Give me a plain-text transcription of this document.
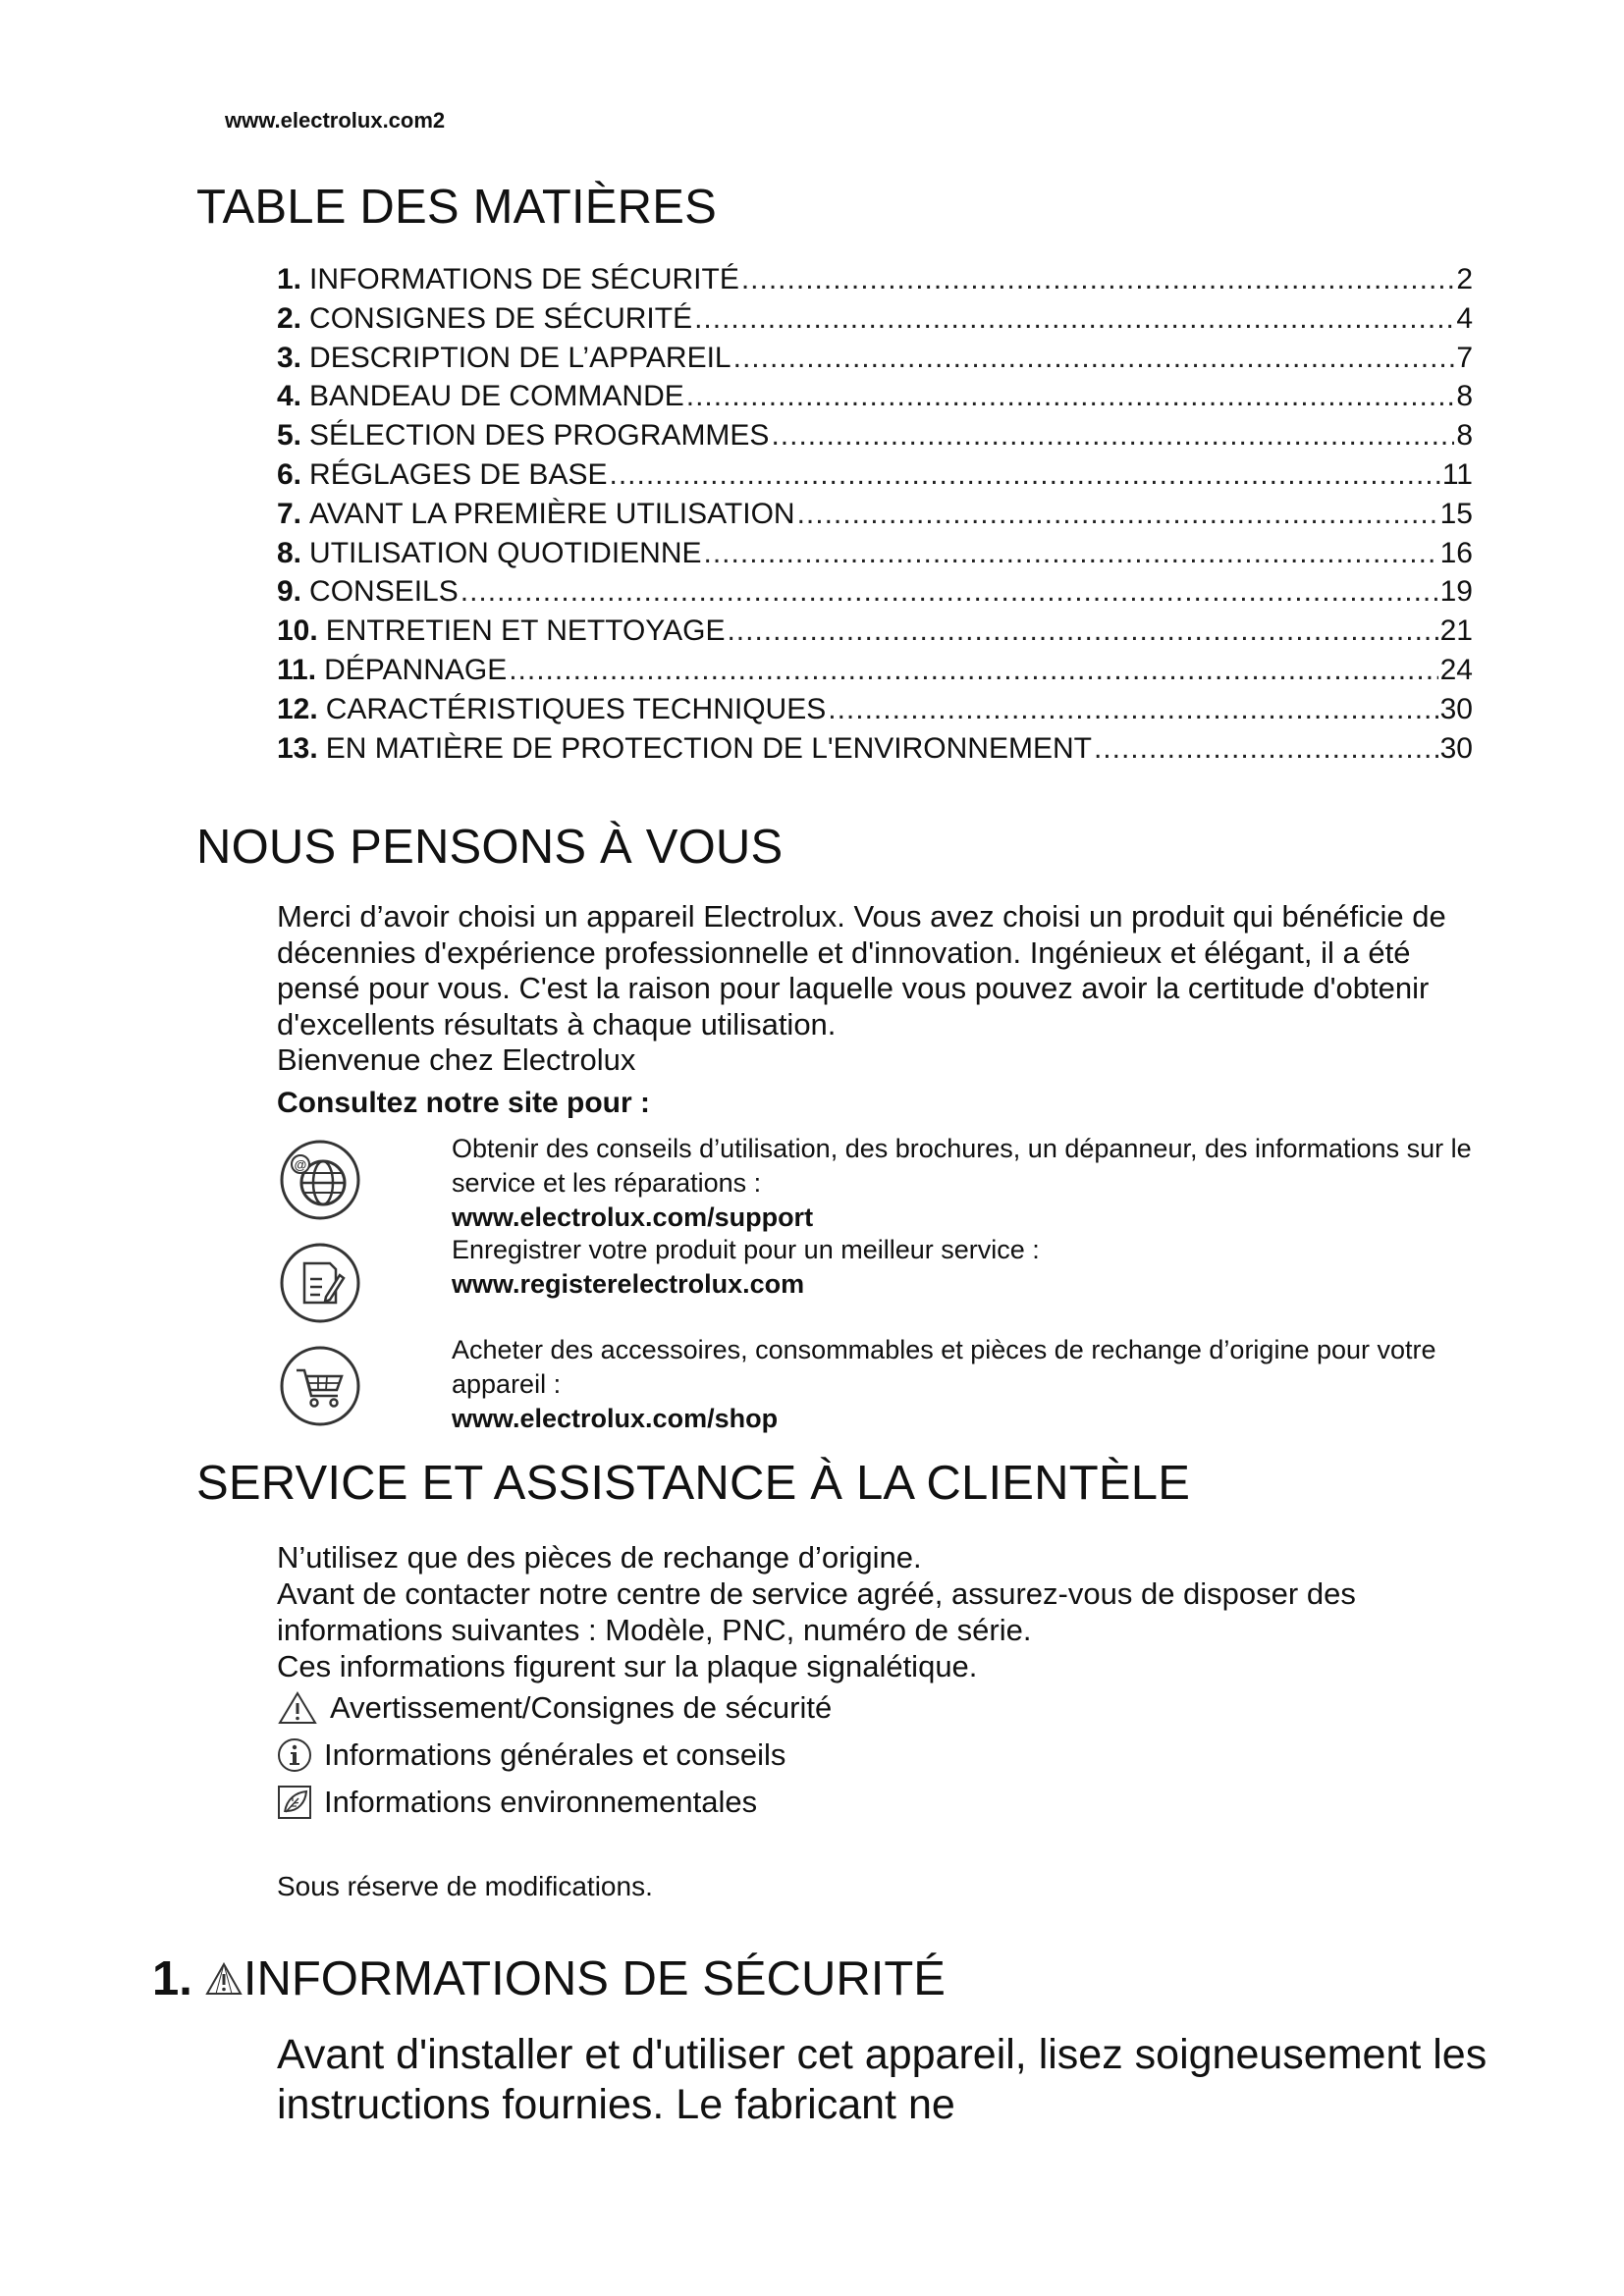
www.electrolux.com2
TABLE DES MATIÈRES
1. INFORMATIONS DE SÉCURITÉ .....	2
2. CONSIGNES DE SÉCURITÉ .....	4
3. DESCRIPTION DE L’APPAREIL .....	7
4. BANDEAU DE COMMANDE .....	8
5. SÉLECTION DES PROGRAMMES .....	8
6. RÉGLAGES DE BASE .....	11
7. AVANT LA PREMIÈRE UTILISATION .....	15
8. UTILISATION QUOTIDIENNE .....	16
9. CONSEILS .....	19
10. ENTRETIEN ET NETTOYAGE .....	21
11. DÉPANNAGE .....	24
12. CARACTÉRISTIQUES TECHNIQUES .....	30
13. EN MATIÈRE DE PROTECTION DE L'ENVIRONNEMENT .....	30
NOUS PENSONS À VOUS
Merci d’avoir choisi un appareil Electrolux. Vous avez choisi un produit qui bénéficie de décennies d'expérience professionnelle et d'innovation. Ingénieux et élégant, il a été pensé pour vous. C'est la raison pour laquelle vous pouvez avoir la certitude d'obtenir d'excellents résultats à chaque utilisation.
Bienvenue chez Electrolux
Consultez notre site pour :
@
Obtenir des conseils d’utilisation, des brochures, un dépanneur, des informations sur le service et les réparations :
www.electrolux.com/support
Enregistrer votre produit pour un meilleur service :
www.registerelectrolux.com
Acheter des accessoires, consommables et pièces de rechange d’origine pour votre appareil :
www.electrolux.com/shop
SERVICE ET ASSISTANCE À LA CLIENTÈLE
N’utilisez que des pièces de rechange d’origine.
Avant de contacter notre centre de service agréé, assurez-vous de disposer des informations suivantes : Modèle, PNC, numéro de série.
Ces informations figurent sur la plaque signalétique.
Avertissement/Consignes de sécurité
Informations générales et conseils
Informations environnementales
Sous réserve de modifications.
1. INFORMATIONS DE SÉCURITÉ
Avant d'installer et d'utiliser cet appareil, lisez soigneusement les instructions fournies. Le fabricant ne
